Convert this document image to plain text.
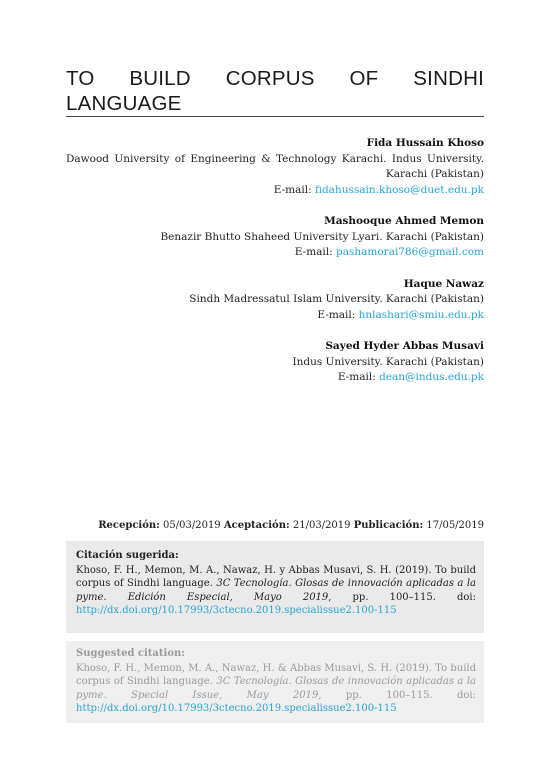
TO BUILD CORPUS OF SINDHI
LANGUAGE
Fida Hussain Khoso
Dawood University of Engineering & Technology Karachi. Indus University. Karachi (Pakistan)
E-mail: fidahussain.khoso@duet.edu.pk
Mashooque Ahmed Memon
Benazir Bhutto Shaheed University Lyari. Karachi (Pakistan)
E-mail: pashamorai786@gmail.com
Haque Nawaz
Sindh Madressatul Islam University. Karachi (Pakistan)
E-mail: hnlashari@smiu.edu.pk
Sayed Hyder Abbas Musavi
Indus University. Karachi (Pakistan)
E-mail: dean@indus.edu.pk
Recepción: 05/03/2019 Aceptación: 21/03/2019 Publicación: 17/05/2019
Citación sugerida:
Khoso, F. H., Memon, M. A., Nawaz, H. y Abbas Musavi, S. H. (2019). To build corpus of Sindhi language. 3C Tecnología. Glosas de innovación aplicadas a la pyme. Edición Especial, Mayo 2019, pp. 100–115. doi: http://dx.doi.org/10.17993/3ctecno.2019.specialissue2.100-115
Suggested citation:
Khoso, F. H., Memon, M. A., Nawaz, H. & Abbas Musavi, S. H. (2019). To build corpus of Sindhi language. 3C Tecnología. Glosas de innovación aplicadas a la pyme. Special Issue, May 2019, pp. 100–115. doi: http://dx.doi.org/10.17993/3ctecno.2019.specialissue2.100-115
